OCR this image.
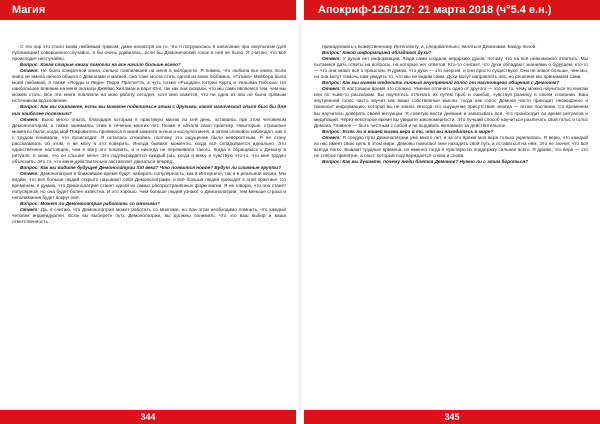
Магия

С тех пор это стало моим любимым трюком, даже несмотря на то, что я погружалась в написание про оккультизм (для публикации) совершенно случайно, я бы очень удивилась, если бы Демонический голос в ней не было. Я считаю, что всё происходит неслучайно.

Вопрос: Какая старые книги помогли на все начало больше всего?

Ответ: Не было конкретной книги, сильно повлиявшей на меня в молодости. Я помню, что любила все книги. Если книга не имела ничего общего с Демонами и магией, она тоже могла стать одной из моих любимых. «Готика» Мейбера была моей любимой, я также «Лорды и Леди» Терри Пратчетта, а чуть позже «Рыцари» Кэтрин Куртц и Уильяма Гибсона. Но наибольшее влияние на меня оказали Джеймс Хиллман и Карл Юнг, так как они сказали, что мы сами являемся тем, чем мы можем стать. Все эти книги повлияли на мою работу сегодня, хотя мне кажется, что ни одна из них не была прямым источником вдохновения.

Вопрос: Как вы считаете, есть вы можете поделиться этим с другими, какой магический опыт был бы для них наиболее полезным?

Ответ: Было много опыта, благодаря которым я практикую магию по сей день, оставаясь при этом человеком Демонолатором, а также занимаясь этим в течение многих лет. Позже я начала свою практику. Некоторые, страшные моменты были, когда мой Покровитель проявился в моей комнате ночью и коснулся меня, а затем спокойно наблюдал, как я с трудом понимала, что происходит. Я осталась спокойна, поэтому это ощущение было невероятным. Я не стану рассказывать об этом, я не могу в это поверить. Иногда бывают моменты, когда всё складывается идеально. Это единственное настоящее, чем я могу это показать, и я никогда не переживала такого. Когда я обращаюсь к Демону в ритуале, я знаю, что он слышит меня. Это подтверждается каждый раз, когда я вижу и чувствую что-то, что мне трудно объяснить. Это то, что меня действительно заставляет двигаться вперёд.

Вопрос: Как вы видите будущее Демонолатрии XXI века? Что появится новое? Будут ли сложные группы?

Ответ: Демонолатрия в ближайшее время будет набирать популярность, как в Интернете, так и в реальной жизни. Мы видим, что всё больше людей открыто называют себя Демонолатрами, и всё больше людей приходят к этой практике. Со временем, я думаю, что Демонолатрия станет одной из самых распространённых форм магии. Я не говорю, что она станет популярной, но она будет более известна. И это хорошо. Чем больше людей узнают о Демонолатрии, тем меньше страха и непонимания будет вокруг неё.

Вопрос: Может ли Демонолатрия работать со многими?

Ответ: Да, я считаю, что Демонолатрия может работать со многими, но при этом необходимо помнить, что каждый человек индивидуален. Если вы выберете путь Демонолатрии, вы должны понимать, что это ваш выбор и ваша ответственность.

344
Апокриф-126/127: 21 марта 2018 (ч°5.4 е.н.)

принадлежать к Божественному Интеллекту, и, следовательно, являться Демонами. Кажду ясной.

Вопрос: Какой информацией обладают духи?

Ответ: У духов нет информации. Люди сами создали иерархию духов, потому что на всё невозможно ответить. Мы пытаемся дать ответы на вопросы, на которые нет ответов. Кто-то считает, что духи обладают знаниями о будущем, кто-то — что они знают всё о прошлом. Я думаю, что духи — это энергия, и они просто существуют. Они не знают больше, чем мы, но они могут помочь нам увидеть то, что мы не видим сами. Духи могут направлять нас, но решения мы принимаем сами.

Вопрос: Как мы можем отделить личный внутренний голос от настоящего общения с Демоном?

Ответ: В настоящее время это сложно. Умение отличить одно от другого — это не то, чему можно научиться по книгам или по чьим-то рассказам. Вы научитесь отличать их путём проб и ошибок, чувствуя разницу в своём сознании. Ваш внутренний голос часто звучит как ваши собственные мысли, тогда как голос Демона часто приходит неожиданно и приносит информацию, которой вы не знали. Иногда это ощущение присутствия, иногда — ясное послание. Со временем вы научитесь доверять своей интуиции. Я советую вести дневник и записывать всё, что происходит во время ритуалов и медитаций. Через некоторое время вы увидите закономерности. Это лучший способ научиться различать свой голос и голос Демона. Главное — быть честным с собой и не выдавать желаемое за действительное.

Вопрос: Есть ли в вашей жизни вера в то, что вы находитесь в мире?

Ответ: Я следую пути Демонолатрии уже много лет, и за это время моя вера только укрепилась. Я верю, что каждый из нас имеет свою цель в этом мире. Демоны помогают мне находить свой путь и оставаться на нём. Это не значит, что всё всегда легко. Бывают трудные времена, но именно тогда я чувствую их поддержку сильнее всего. Я думаю, что вера — это не слепое принятие, а опыт, который подтверждается снова и снова.

Вопрос: Как вы думаете, почему люди боятся Демонов? Нужно ли с этим бороться?

345
